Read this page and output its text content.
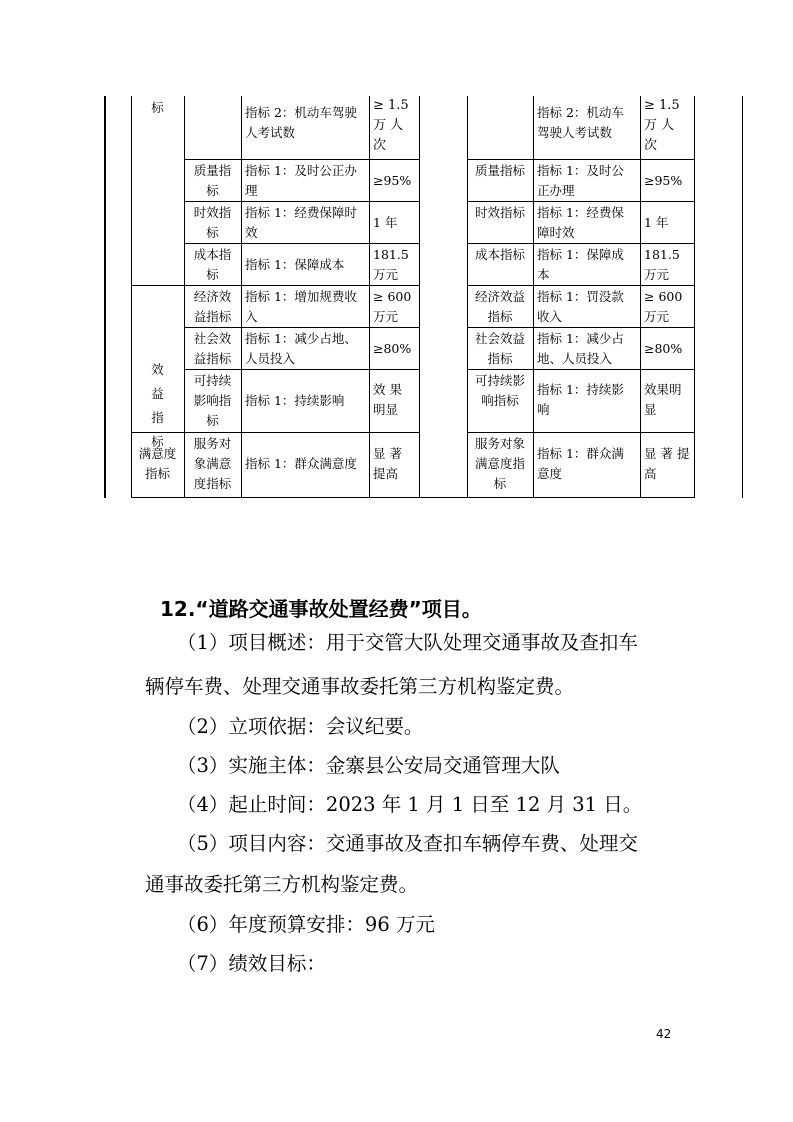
标	指标 2：机动车驾驶人考试数
≥ 1.5 万 人 次
质量指标
指标 1：及时公正办理
≥95%
时效指标
指标 1：经费保障时效
1 年
成本指标
指标 1：保障成本
181.5 万元

效益指标

经济效益指标
指标 1：增加规费收入
≥ 600 万元
社会效益指标
指标 1：减少占地、人员投入
≥80%
可持续影响指标
指标 1：持续影响
效 果 明显
满意度指标
服务对象满意度指标
指标 1：群众满意度
显 著 提高
指标 2：机动车驾驶人考试数
≥ 1.5 万 人 次
质量指标 指标 1：及时公正办理
≥95%
时效指标 指标 1：经费保障时效
1 年
成本指标 指标 1：保障成本
181.5 万元
经济效益指标
指标 1：罚没款收入
≥ 600 万元
社会效益指标
指标 1：减少占地、人员投入
≥80%
可持续影响指标
指标 1：持续影响
效果明显
服务对象满意度指标
指标 1：群众满意度
显 著 提高
12.“道路交通事故处置经费”项目。
（1）项目概述：用于交管大队处理交通事故及查扣车
辆停车费、处理交通事故委托第三方机构鉴定费。
（2）立项依据：会议纪要。
（3）实施主体：金寨县公安局交通管理大队
（4）起止时间：2023 年 1 月 1 日至 12 月 31 日。
（5）项目内容：交通事故及查扣车辆停车费、处理交
通事故委托第三方机构鉴定费。
（6）年度预算安排：96 万元
（7）绩效目标：
42
